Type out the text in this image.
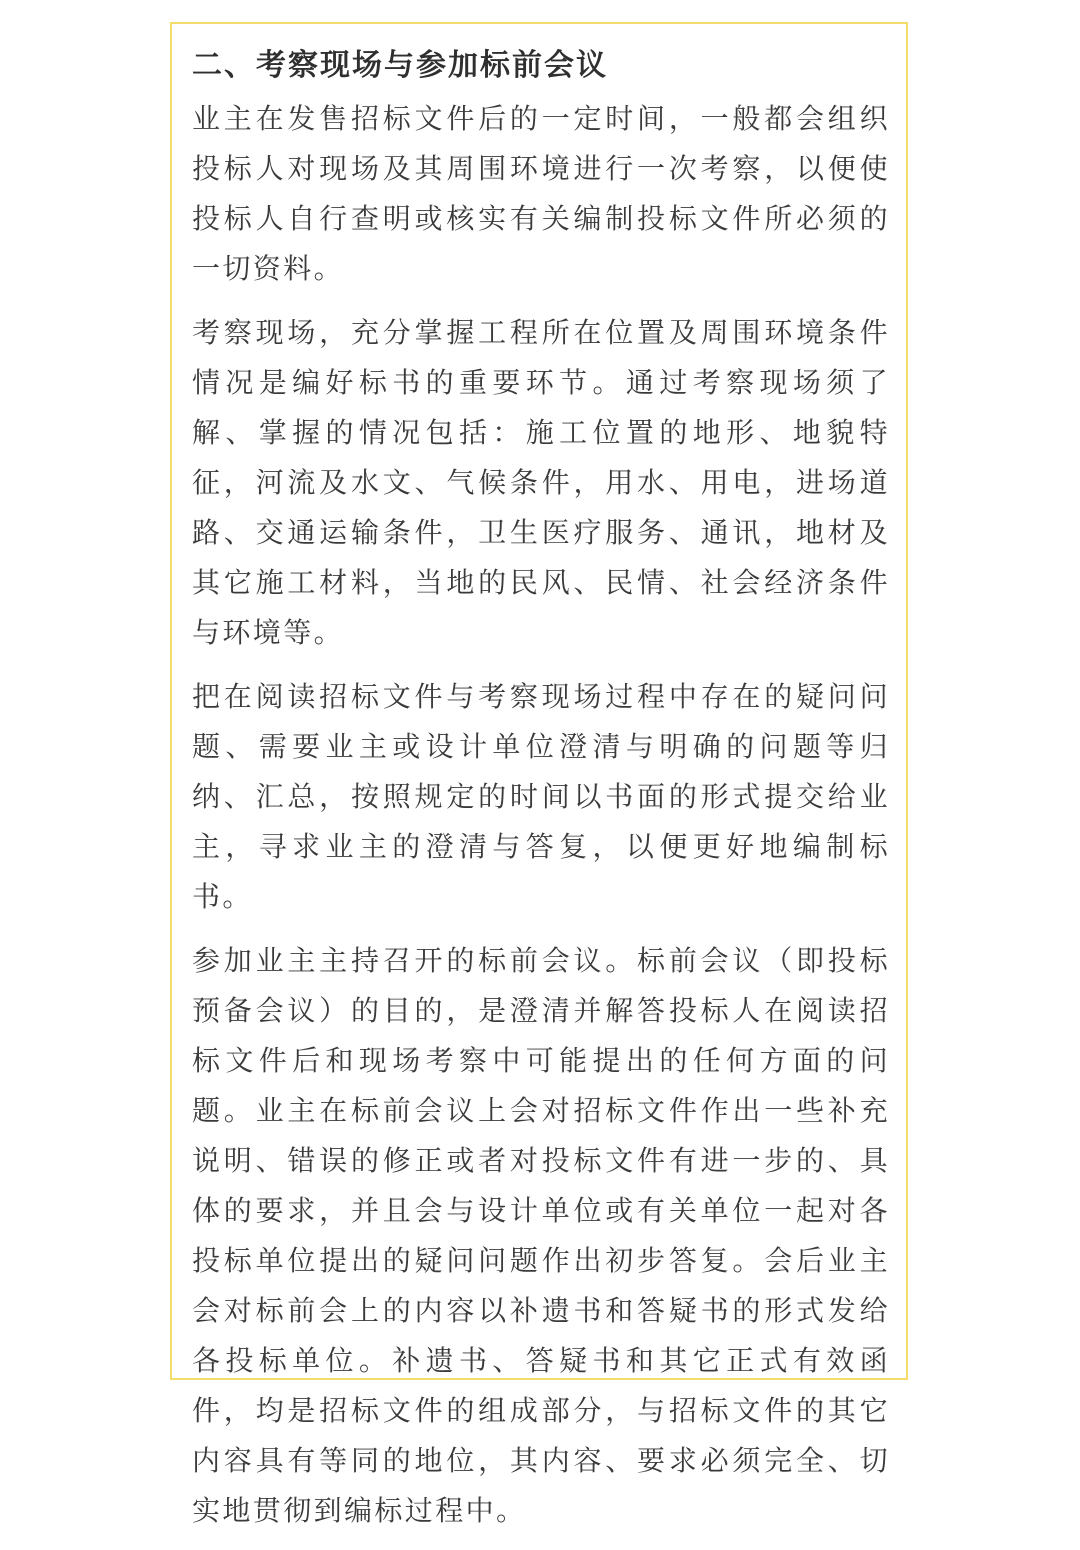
二、考察现场与参加标前会议

业主在发售招标文件后的一定时间，一般都会组织投标人对现场及其周围环境进行一次考察，以便使投标人自行查明或核实有关编制投标文件所必须的一切资料。

考察现场，充分掌握工程所在位置及周围环境条件情况是编好标书的重要环节。通过考察现场须了解、掌握的情况包括：施工位置的地形、地貌特征，河流及水文、气候条件，用水、用电，进场道路、交通运输条件，卫生医疗服务、通讯，地材及其它施工材料，当地的民风、民情、社会经济条件与环境等。

把在阅读招标文件与考察现场过程中存在的疑问问题、需要业主或设计单位澄清与明确的问题等归纳、汇总，按照规定的时间以书面的形式提交给业主，寻求业主的澄清与答复，以便更好地编制标书。

参加业主主持召开的标前会议。标前会议（即投标预备会议）的目的，是澄清并解答投标人在阅读招标文件后和现场考察中可能提出的任何方面的问题。业主在标前会议上会对招标文件作出一些补充说明、错误的修正或者对投标文件有进一步的、具体的要求，并且会与设计单位或有关单位一起对各投标单位提出的疑问问题作出初步答复。会后业主会对标前会上的内容以补遗书和答疑书的形式发给各投标单位。补遗书、答疑书和其它正式有效函件，均是招标文件的组成部分，与招标文件的其它内容具有等同的地位，其内容、要求必须完全、切实地贯彻到编标过程中。
